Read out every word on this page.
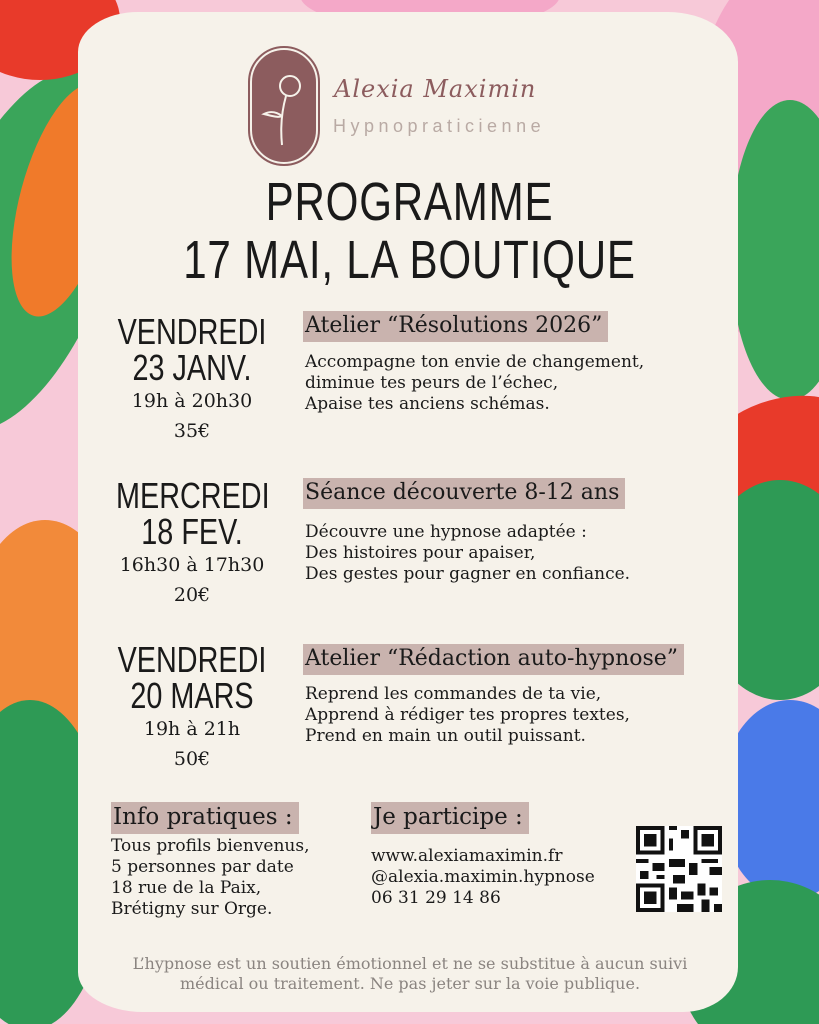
Alexia Maximin
Hypnopraticienne
PROGRAMME
17 MAI, LA BOUTIQUE
VENDREDI
23 JANV.
19h à 20h30
35€
Atelier “Résolutions 2026”
Accompagne ton envie de changement,
diminue tes peurs de l’échec,
Apaise tes anciens schémas.
MERCREDI
18 FEV.
16h30 à 17h30
20€
Séance découverte 8-12 ans
Découvre une hypnose adaptée :
Des histoires pour apaiser,
Des gestes pour gagner en confiance.
VENDREDI
20 MARS
19h à 21h
50€
Atelier “Rédaction auto-hypnose”
Reprend les commandes de ta vie,
Apprend à rédiger tes propres textes,
Prend en main un outil puissant.
Info pratiques :
Tous profils bienvenus,
5 personnes par date
18 rue de la Paix,
Brétigny sur Orge.
Je participe :
www.alexiamaximin.fr
@alexia.maximin.hypnose
06 31 29 14 86
L’hypnose est un soutien émotionnel et ne se substitue à aucun suivi
médical ou traitement. Ne pas jeter sur la voie publique.
